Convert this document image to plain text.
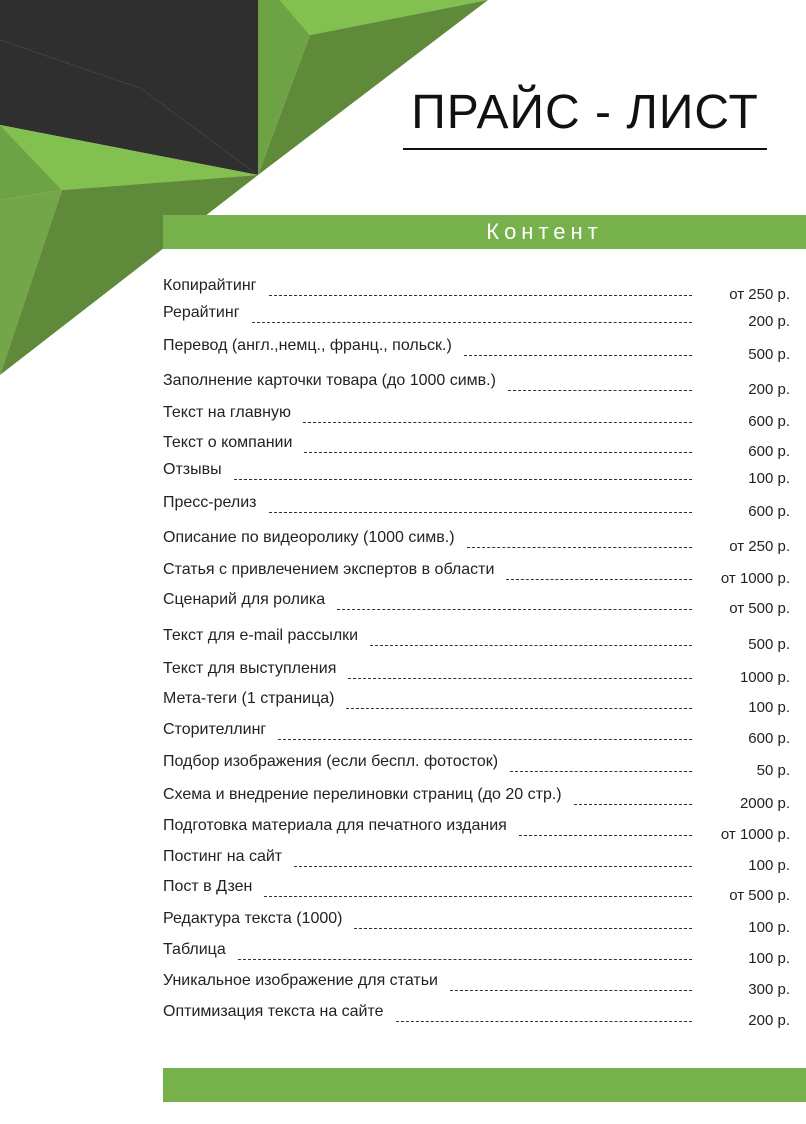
ПРАЙС - ЛИСТ
Контент
Копирайтинг
от 250 р.
Рерайтинг
200 р.
Перевод (англ.,немц., франц., польск.)
500 р.
Заполнение карточки товара (до 1000 симв.)
200 р.
Текст на главную
600 р.
Текст о компании
600 р.
Отзывы
100 р.
Пресс-релиз
600 р.
Описание по видеоролику (1000 симв.)
от 250 р.
Статья с привлечением экспертов в области
от 1000 р.
Сценарий для ролика
от 500 р.
Текст для e-mail рассылки
500 р.
Текст для выступления
1000 р.
Мета-теги (1 страница)
100 р.
Сторителлинг
600 р.
Подбор изображения (если беспл. фотосток)
50 р.
Схема и внедрение перелиновки страниц (до 20 стр.)
2000 р.
Подготовка материала для печатного издания
от 1000 р.
Постинг на сайт
100 р.
Пост в Дзен
от 500 р.
Редактура текста (1000)
100 р.
Таблица
100 р.
Уникальное изображение для статьи
300 р.
Оптимизация текста на сайте
200 р.
